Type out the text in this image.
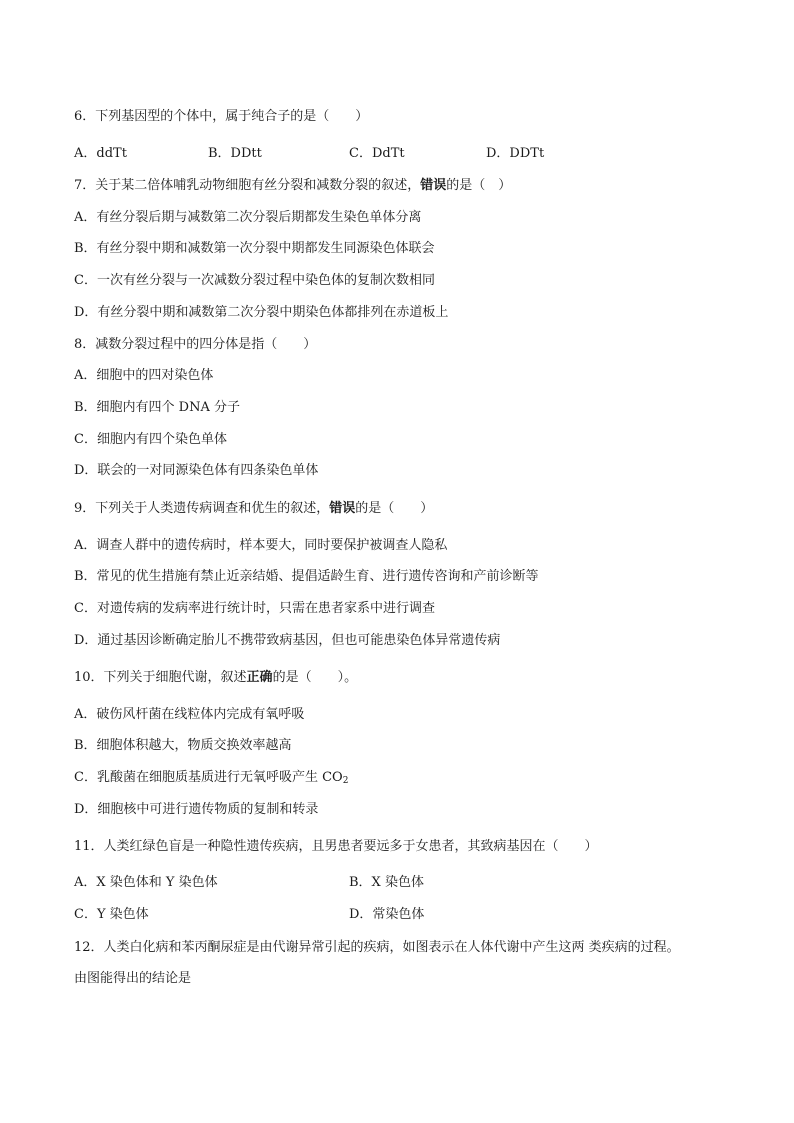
6．下列基因型的个体中，属于纯合子的是（　　）
A．ddTt	B．DDtt	C．DdTt	D．DDTt
7．关于某二倍体哺乳动物细胞有丝分裂和减数分裂的叙述，错误的是（　）
A．有丝分裂后期与减数第二次分裂后期都发生染色单体分离
B．有丝分裂中期和减数第一次分裂中期都发生同源染色体联会
C．一次有丝分裂与一次减数分裂过程中染色体的复制次数相同
D．有丝分裂中期和减数第二次分裂中期染色体都排列在赤道板上
8．减数分裂过程中的四分体是指（　　）
A．细胞中的四对染色体
B．细胞内有四个 DNA 分子
C．细胞内有四个染色单体
D．联会的一对同源染色体有四条染色单体
9．下列关于人类遗传病调查和优生的叙述，错误的是（　　）
A．调查人群中的遗传病时，样本要大，同时要保护被调查人隐私
B．常见的优生措施有禁止近亲结婚、提倡适龄生育、进行遗传咨询和产前诊断等
C．对遗传病的发病率进行统计时，只需在患者家系中进行调查
D．通过基因诊断确定胎儿不携带致病基因，但也可能患染色体异常遗传病
10．下列关于细胞代谢，叙述正确的是（　　）。
A．破伤风杆菌在线粒体内完成有氧呼吸
B．细胞体积越大，物质交换效率越高
C．乳酸菌在细胞质基质进行无氧呼吸产生 $CO_2$
D．细胞核中可进行遗传物质的复制和转录
11．人类红绿色盲是一种隐性遗传疾病，且男患者要远多于女患者，其致病基因在（　　）
A．X 染色体和 Y 染色体	B．X 染色体
C．Y 染色体	D．常染色体
12．人类白化病和苯丙酮尿症是由代谢异常引起的疾病，如图表示在人体代谢中产生这两 类疾病的过程。
由图能得出的结论是
